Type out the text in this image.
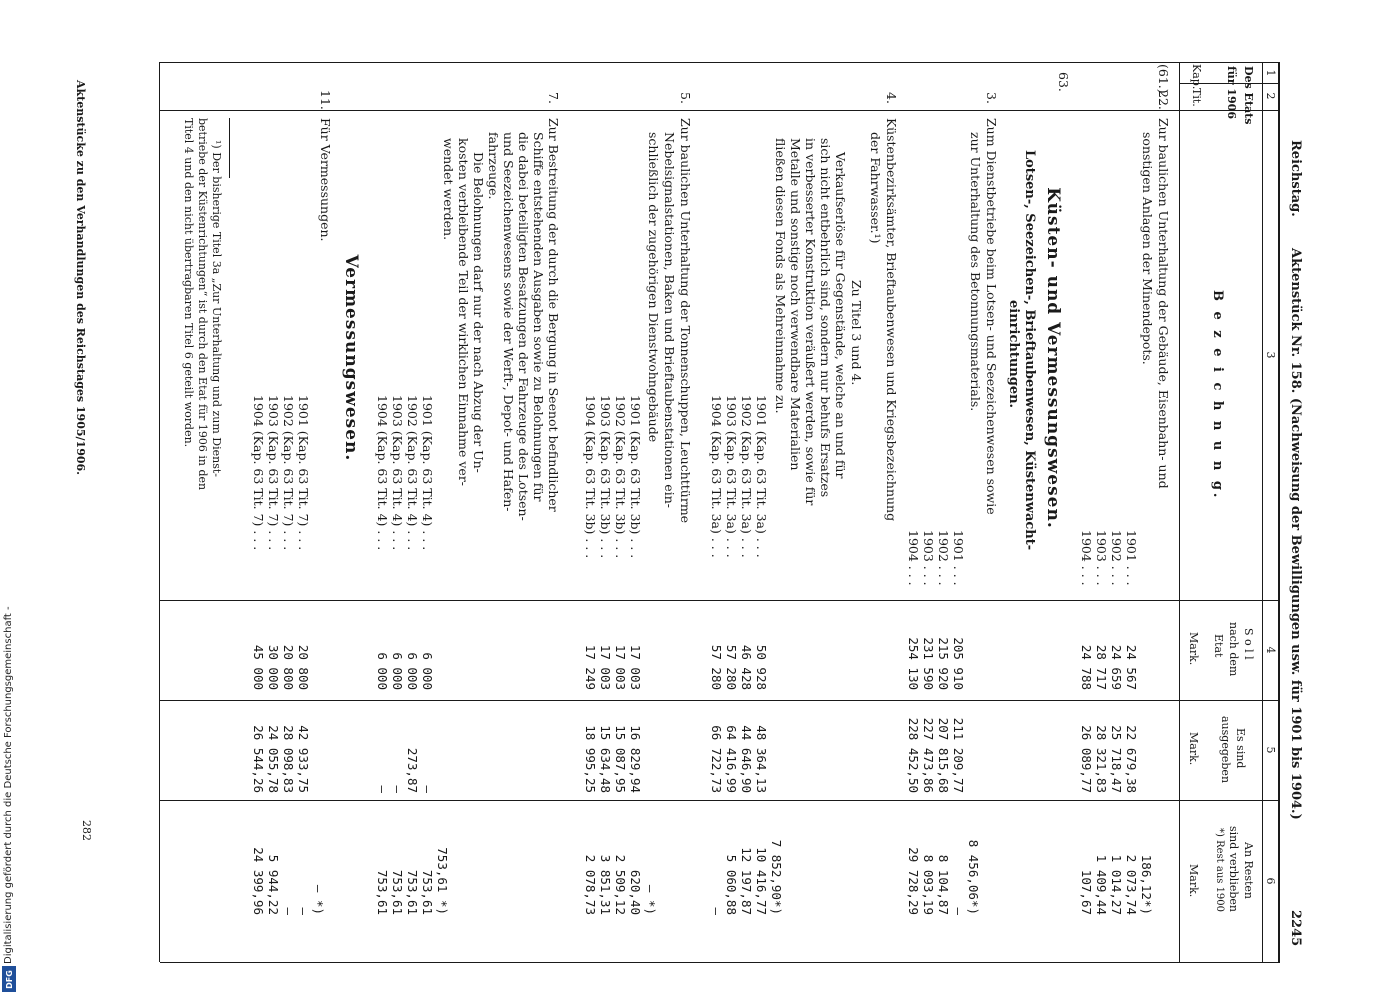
Reichstag.
Aktenstück Nr. 158. (Nachweisung der Bewilligungen usw. für 1901 bis 1904.)
2245
1
2
3
4
5
6
Des Etats
für 1906
Kap.
Tit.
B e z e i c h n u n g.
S o l l
nach dem
Etat
Mark.
Es sind
ausgegeben
Mark.
An Resten
sind verblieben
*) Rest aus 1900
Mark.
(61.)
22.
Zur baulichen Unterhaltung der Gebäude, Eisenbahn- und
sonstigen Anlagen der Minendepots.
1901 . . .
1902 . . .
1903 . . .
1904 . . .
24 567
24 659
28 717
24 788
22 679,38
25 718,47
28 321,83
26 089,77
186,12*)
2 073,74
1 014,27
1 409,44
107,67
63.
Küsten- und Vermessungswesen.
Lotsen-, Seezeichen-, Brieftaubenwesen, Küstenwacht-
einrichtungen.
3.
Zum Dienstbetriebe beim Lotsen- und Seezeichenwesen sowie
zur Unterhaltung des Betonnungsmaterials.
1901 . . .
1902 . . .
1903 . . .
1904 . . .
205 910
215 920
231 590
254 130
211 209,77
207 815,68
227 473,86
228 452,50
8 456,06*)
—
8 104,87
8 093,19
29 728,29
4.
Küstenbezirksämter, Brieftaubenwesen und Kriegsbezeichnung
der Fahrwasser.¹)
Zu Titel 3 und 4.
Verkaufserlöse für Gegenstände, welche an und für
sich nicht entbehrlich sind, sondern nur behufs Ersatzes
in verbesserter Konstruktion veräußert werden, sowie für
Metalle und sonstige noch verwendbare Materialien
fließen diesen Fonds als Mehreinnahme zu.
1901 (Kap. 63 Tit. 3a) . . .
1902 (Kap. 63 Tit. 3a) . . .
1903 (Kap. 63 Tit. 3a) . . .
1904 (Kap. 63 Tit. 3a) . . .
50 928
46 428
57 280
57 280
48 364,13
44 646,90
64 416,99
66 722,73
7 852,90*)
10 416,77
12 197,87
5 060,88
—
5.
Zur baulichen Unterhaltung der Tonnenschuppen, Leuchttürme
Nebelsignalstationen, Baken und Brieftaubenstationen ein-
schließlich der zugehörigen Dienstwohngebäude
1901 (Kap. 63 Tit. 3b) . . .
1902 (Kap. 63 Tit. 3b) . . .
1903 (Kap. 63 Tit. 3b) . . .
1904 (Kap. 63 Tit. 3b) . . .
17 003
17 003
17 003
17 249
16 829,94
15 087,95
15 634,48
18 995,25
— *)
620,40
2 509,12
3 851,31
2 078,73
7.
Zur Bestreitung der durch die Bergung in Seenot befindlicher
Schiffe entstehenden Ausgaben sowie zu Belohnungen für
die dabei beteiligten Besatzungen der Fahrzeuge des Lotsen-
und Seezeichenwesens sowie der Werft-, Depot- und Hafen-
fahrzeuge.
Die Belohnungen darf nur der nach Abzug der Un-
kosten verbleibende Teil der wirklichen Einnahme ver-
wendet werden.
1901 (Kap. 63 Tit. 4) . . .
1902 (Kap. 63 Tit. 4) . . .
1903 (Kap. 63 Tit. 4) . . .
1904 (Kap. 63 Tit. 4) . . .
6 000
6 000
6 000
6 000
—
273,87
—
—
753,61 *)
753,61
753,61
753,61
753,61
Vermessungswesen.
11.
Für Vermessungen.
1901 (Kap. 63 Tit. 7) . . .
1902 (Kap. 63 Tit. 7) . . .
1903 (Kap. 63 Tit. 7) . . .
1904 (Kap. 63 Tit. 7) . . .
20 800
20 800
30 000
45 000
42 933,75
28 098,83
24 055,78
26 544,26
— *)
—
—
5 944,22
24 399,96
¹) Der bisherige Titel 3a „Zur Unterhaltung und zum Dienst-
betriebe der Küstenrichtungen“ ist durch den Etat für 1906 in den
Titel 4 und den nicht übertragbaren Titel 6 geteilt worden.
Aktenstücke zu den Verhandlungen des Reichstages 1905/1906.
282
Digitalisierung gefördert durch die Deutsche Forschungsgemeinschaft -
DFG
